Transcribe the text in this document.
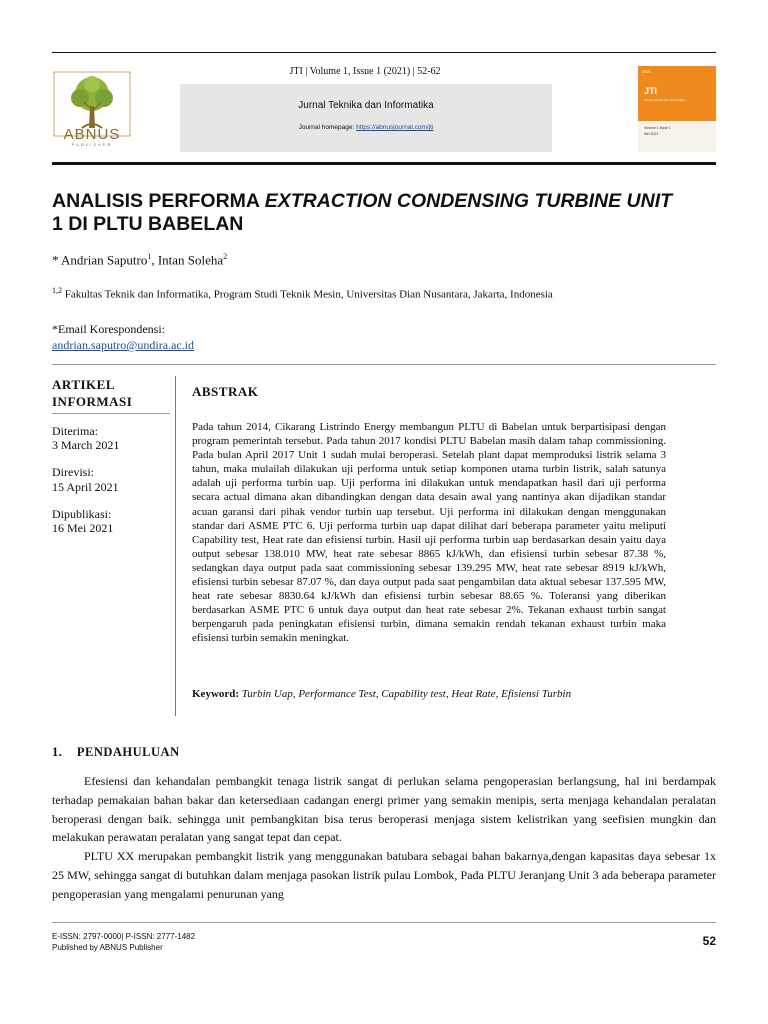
ABNUS
PUBLISHER
JTI | Volume 1, Issue 1 (2021) | 52-62
Jurnal Teknika dan Informatika
Journal homepage: https://abnusjournal.com/jti
2021
JTI
Jurnal Teknika dan Informatika
Volume 1 Issue 1
Mei 2021
ANALISIS PERFORMA EXTRACTION CONDENSING TURBINE UNIT
1 DI PLTU BABELAN
* Andrian Saputro$^1$, Intan Soleha$^2$
$^{1,2}$ Fakultas Teknik dan Informatika, Program Studi Teknik Mesin, Universitas Dian Nusantara, Jakarta, Indonesia
*Email Korespondensi:
andrian.saputro@undira.ac.id
ARTIKEL
INFORMASI
Diterima:
3 March 2021
Direvisi:
15 April 2021
Dipublikasi:
16 Mei 2021
ABSTRAK
Pada tahun 2014, Cikarang Listrindo Energy membangun PLTU di Babelan untuk berpartisipasi dengan program pemerintah tersebut. Pada tahun 2017 kondisi PLTU Babelan masih dalam tahap commissioning. Pada bulan April 2017 Unit 1 sudah mulai beroperasi. Setelah plant dapat memproduksi listrik selama 3 tahun, maka mulailah dilakukan uji performa untuk setiap komponen utama turbin listrik, salah satunya adalah uji performa turbin uap. Uji performa ini dilakukan untuk mendapatkan hasil dari uji performa secara actual dimana akan dibandingkan dengan data desain awal yang nantinya akan dijadikan standar acuan garansi dari pihak vendor turbin uap tersebut. Uji performa ini dilakukan dengan menggunakan standar dari ASME PTC 6. Uji performa turbin uap dapat dilihat dari beberapa parameter yaitu meliputi Capability test, Heat rate dan efisiensi turbin. Hasil uji performa turbin uap berdasarkan desain yaitu daya output sebesar 138.010 MW, heat rate sebesar 8865 kJ/kWh, dan efisiensi turbin sebesar 87.38 %, sedangkan daya output pada saat commissioning sebesar 139.295 MW, heat rate sebesar 8919 kJ/kWh, efisiensi turbin sebesar 87.07 %, dan daya output pada saat pengambilan data aktual sebesar 137.595 MW, heat rate sebesar 8830.64 kJ/kWh dan efisiensi turbin sebesar 88.65 %. Toleransi yang diberikan berdasarkan ASME PTC 6 untuk daya output dan heat rate sebesar 2%. Tekanan exhaust turbin sangat berpengaruh pada peningkatan efisiensi turbin, dimana semakin rendah tekanan exhaust turbin maka efisiensi turbin semakin meningkat.
Keyword: Turbin Uap, Performance Test, Capability test, Heat Rate, Efisiensi Turbin
1.    PENDAHULUAN

Efesiensi dan kehandalan pembangkit tenaga listrik sangat di perlukan selama pengoperasian berlangsung, hal ini berdampak terhadap pemakaian bahan bakar dan ketersediaan cadangan energi primer yang semakin menipis, serta menjaga kehandalan peralatan beroperasi dengan baik. sehingga unit pembangkitan bisa terus beroperasi menjaga sistem kelistrikan yang seefisien mungkin dan melakukan perawatan peralatan yang sangat tepat dan cepat.

PLTU XX merupakan pembangkit listrik yang menggunakan batubara sebagai bahan bakarnya,dengan kapasitas daya sebesar 1x 25 MW, sehingga sangat di butuhkan dalam menjaga pasokan listrik pulau Lombok, Pada PLTU Jeranjang Unit 3 ada beberapa parameter pengoperasian yang mengalami penurunan yang

E-ISSN: 2797-0000| P-ISSN: 2777-1482
Published by ABNUS Publisher	52
